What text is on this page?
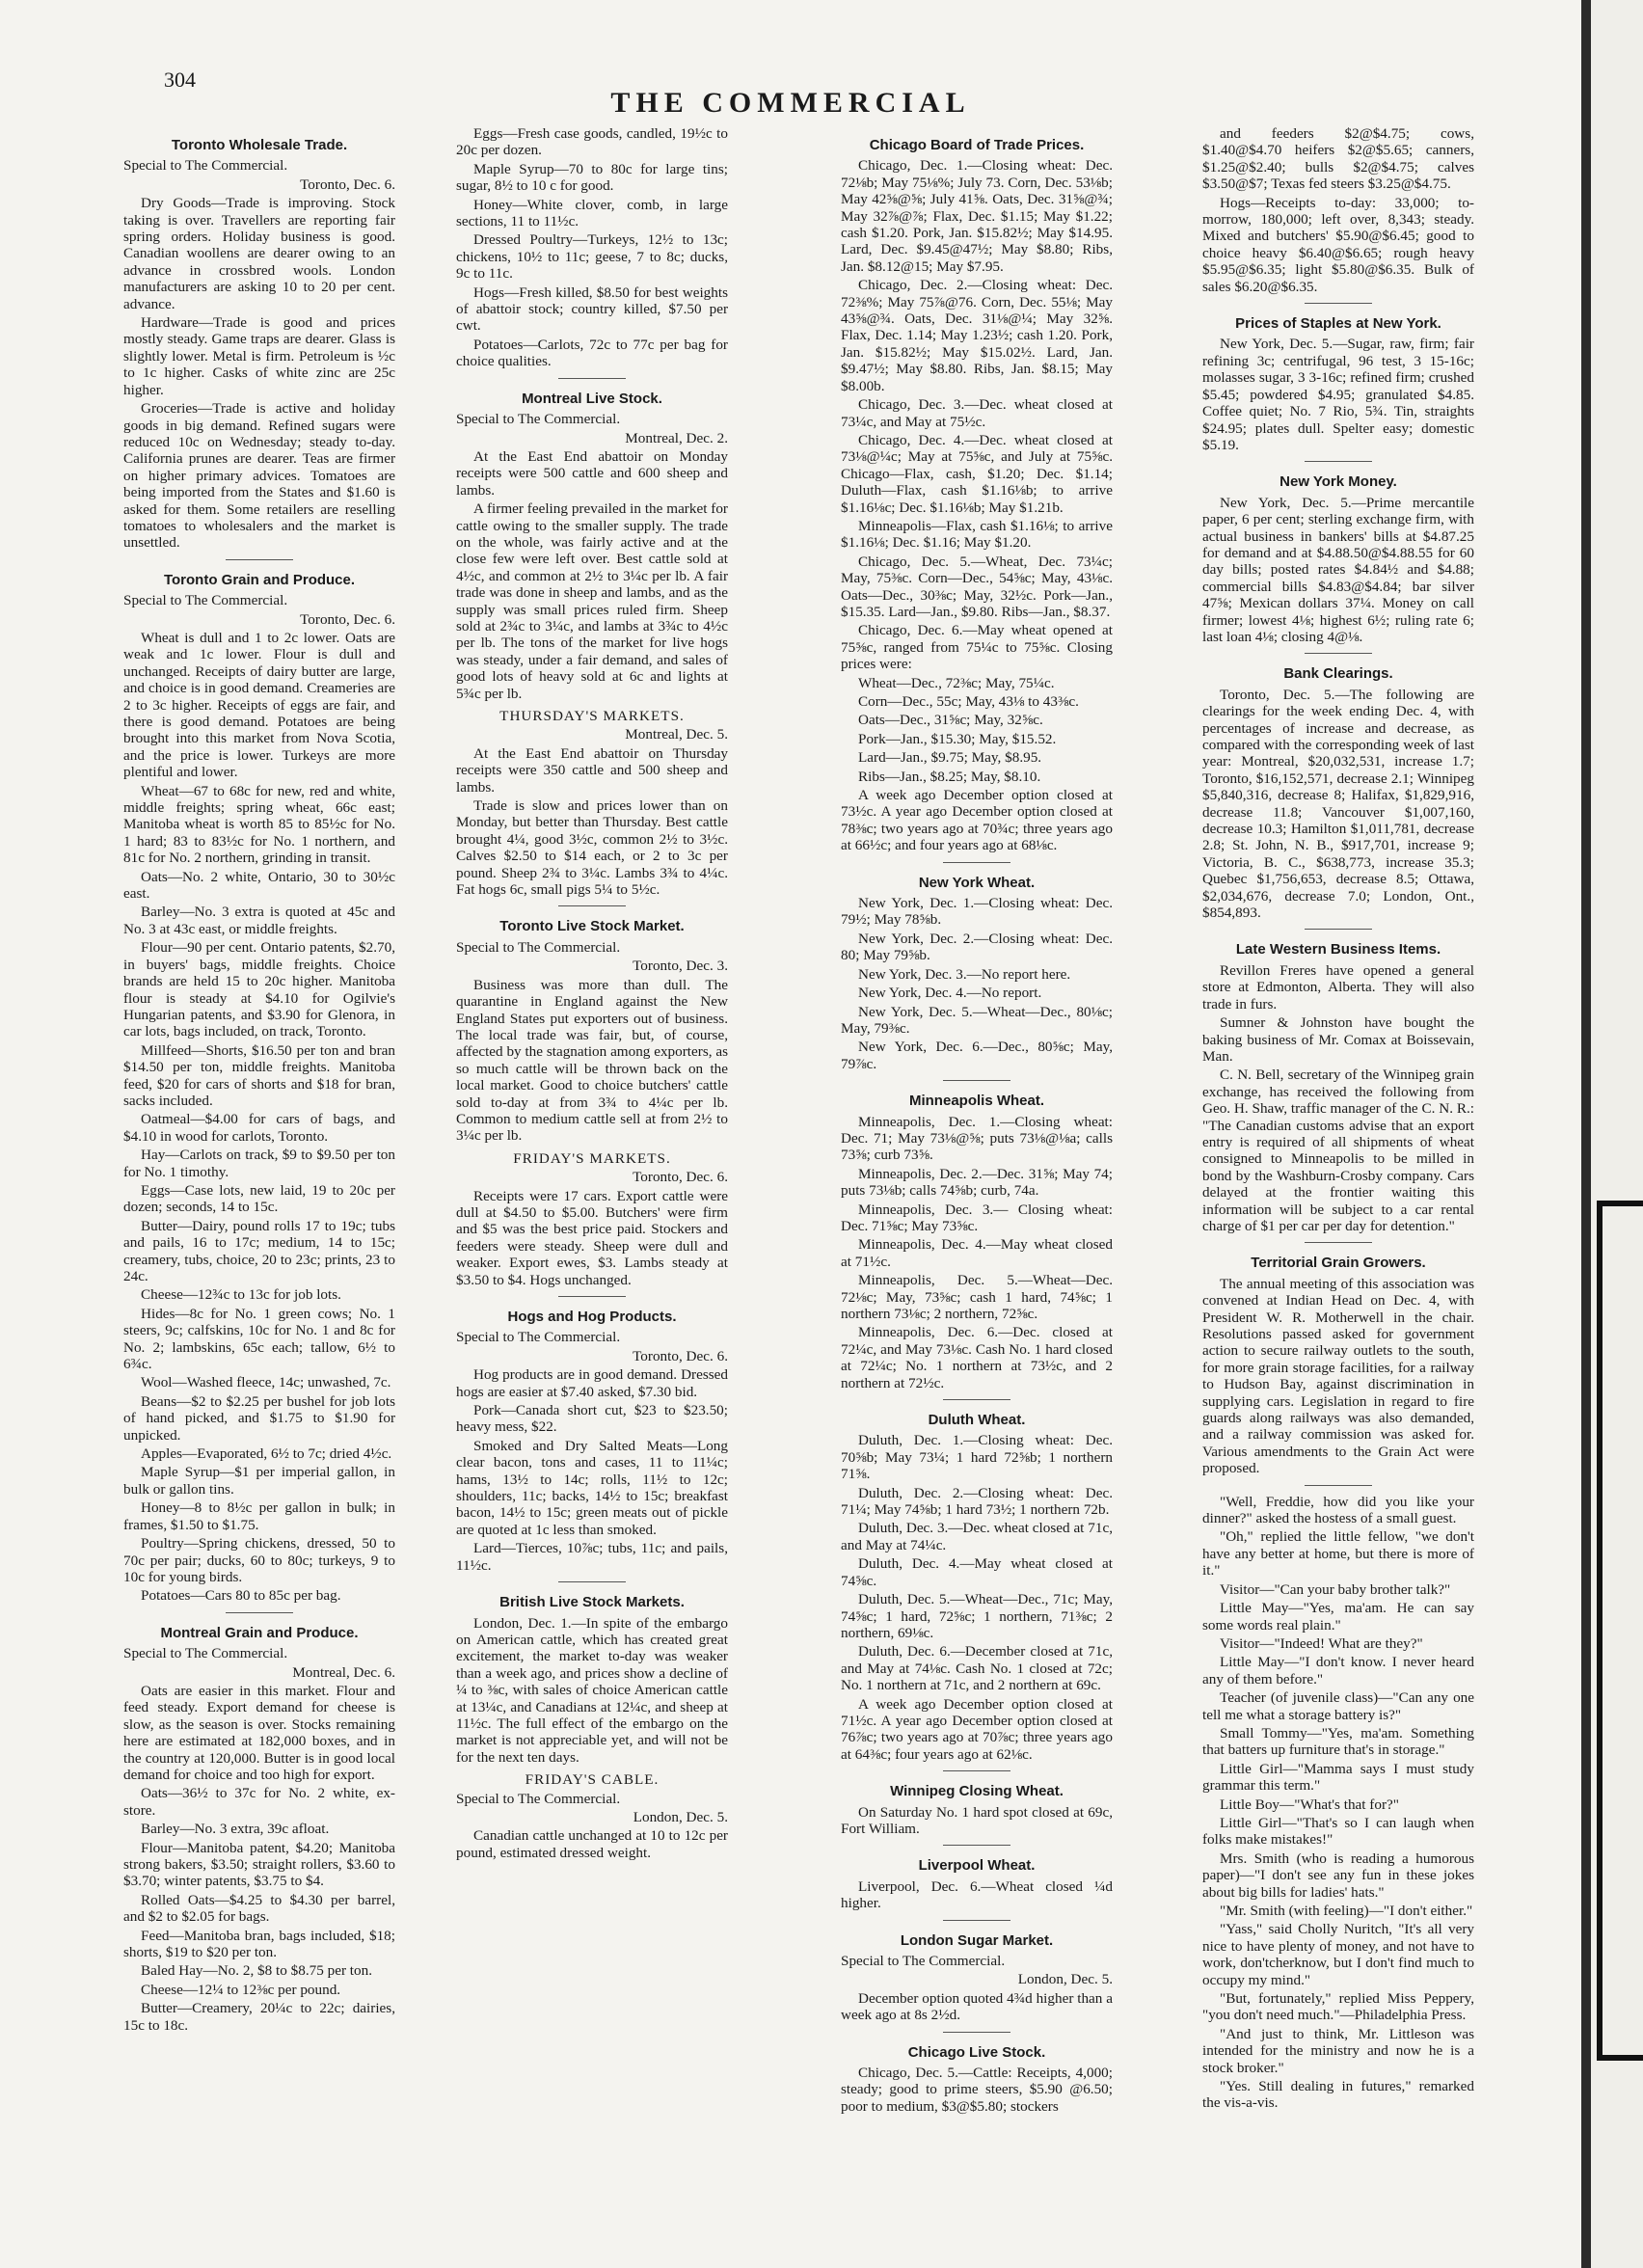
304
THE COMMERCIAL
Toronto Wholesale Trade.
Special to The Commercial.
Toronto, Dec. 6.

Dry Goods—Trade is improving. Stock taking is over. Travellers are reporting fair spring orders. Holiday business is good. Canadian woollens are dearer owing to an advance in crossbred wools. London manufacturers are asking 10 to 20 per cent. advance.

Hardware—Trade is good and prices mostly steady. Game traps are dearer. Glass is slightly lower. Metal is firm. Petroleum is ½c to 1c higher. Casks of white zinc are 25c higher.

Groceries—Trade is active and holiday goods in big demand. Refined sugars were reduced 10c on Wednesday; steady to-day. California prunes are dearer. Teas are firmer on higher primary advices. Tomatoes are being imported from the States and $1.60 is asked for them. Some retailers are reselling tomatoes to wholesalers and the market is unsettled.

Toronto Grain and Produce.
Special to The Commercial.
Toronto, Dec. 6.

Wheat is dull and 1 to 2c lower. Oats are weak and 1c lower. Flour is dull and unchanged. Receipts of dairy butter are large, and choice is in good demand. Creameries are 2 to 3c higher. Receipts of eggs are fair, and there is good demand. Potatoes are being brought into this market from Nova Scotia, and the price is lower. Turkeys are more plentiful and lower.

Wheat—67 to 68c for new, red and white, middle freights; spring wheat, 66c east; Manitoba wheat is worth 85 to 85½c for No. 1 hard; 83 to 83½c for No. 1 northern, and 81c for No. 2 northern, grinding in transit.

Oats—No. 2 white, Ontario, 30 to 30½c east.

Barley—No. 3 extra is quoted at 45c and No. 3 at 43c east, or middle freights.

Flour—90 per cent. Ontario patents, $2.70, in buyers' bags, middle freights. Choice brands are held 15 to 20c higher. Manitoba flour is steady at $4.10 for Ogilvie's Hungarian patents, and $3.90 for Glenora, in car lots, bags included, on track, Toronto.

Millfeed—Shorts, $16.50 per ton and bran $14.50 per ton, middle freights. Manitoba feed, $20 for cars of shorts and $18 for bran, sacks included.

Oatmeal—$4.00 for cars of bags, and $4.10 in wood for carlots, Toronto.

Hay—Carlots on track, $9 to $9.50 per ton for No. 1 timothy.

Eggs—Case lots, new laid, 19 to 20c per dozen; seconds, 14 to 15c.

Butter—Dairy, pound rolls 17 to 19c; tubs and pails, 16 to 17c; medium, 14 to 15c; creamery, tubs, choice, 20 to 23c; prints, 23 to 24c.

Cheese—12¾c to 13c for job lots.

Hides—8c for No. 1 green cows; No. 1 steers, 9c; calfskins, 10c for No. 1 and 8c for No. 2; lambskins, 65c each; tallow, 6½ to 6¾c.

Wool—Washed fleece, 14c; unwashed, 7c.

Beans—$2 to $2.25 per bushel for job lots of hand picked, and $1.75 to $1.90 for unpicked.

Apples—Evaporated, 6½ to 7c; dried 4½c.

Maple Syrup—$1 per imperial gallon, in bulk or gallon tins.

Honey—8 to 8½c per gallon in bulk; in frames, $1.50 to $1.75.

Poultry—Spring chickens, dressed, 50 to 70c per pair; ducks, 60 to 80c; turkeys, 9 to 10c for young birds.

Potatoes—Cars 80 to 85c per bag.

Montreal Grain and Produce.
Special to The Commercial.
Montreal, Dec. 6.

Oats are easier in this market. Flour and feed steady. Export demand for cheese is slow, as the season is over. Stocks remaining here are estimated at 182,000 boxes, and in the country at 120,000. Butter is in good local demand for choice and too high for export.

Oats—36½ to 37c for No. 2 white, ex-store.

Barley—No. 3 extra, 39c afloat.

Flour—Manitoba patent, $4.20; Manitoba strong bakers, $3.50; straight rollers, $3.60 to $3.70; winter patents, $3.75 to $4.

Rolled Oats—$4.25 to $4.30 per barrel, and $2 to $2.05 for bags.

Feed—Manitoba bran, bags included, $18; shorts, $19 to $20 per ton.

Baled Hay—No. 2, $8 to $8.75 per ton.

Cheese—12¼ to 12⅜c per pound.

Butter—Creamery, 20¼c to 22c; dairies, 15c to 18c.

Eggs—Fresh case goods, candled, 19½c to 20c per dozen.

Maple Syrup—70 to 80c for large tins; sugar, 8½ to 10 c for good.

Honey—White clover, comb, in large sections, 11 to 11½c.

Dressed Poultry—Turkeys, 12½ to 13c; chickens, 10½ to 11c; geese, 7 to 8c; ducks, 9c to 11c.

Hogs—Fresh killed, $8.50 for best weights of abattoir stock; country killed, $7.50 per cwt.

Potatoes—Carlots, 72c to 77c per bag for choice qualities.

Montreal Live Stock.
Special to The Commercial.
Montreal, Dec. 2.

At the East End abattoir on Monday receipts were 500 cattle and 600 sheep and lambs.

A firmer feeling prevailed in the market for cattle owing to the smaller supply. The trade on the whole, was fairly active and at the close few were left over. Best cattle sold at 4½c, and common at 2½ to 3¼c per lb. A fair trade was done in sheep and lambs, and as the supply was small prices ruled firm. Sheep sold at 2¾c to 3¼c, and lambs at 3¾c to 4½c per lb. The tons of the market for live hogs was steady, under a fair demand, and sales of good lots of heavy sold at 6c and lights at 5¾c per lb.

THURSDAY'S MARKETS.
Montreal, Dec. 5.

At the East End abattoir on Thursday receipts were 350 cattle and 500 sheep and lambs.

Trade is slow and prices lower than on Monday, but better than Thursday. Best cattle brought 4¼, good 3½c, common 2½ to 3½c. Calves $2.50 to $14 each, or 2 to 3c per pound. Sheep 2¾ to 3¼c. Lambs 3¾ to 4¼c. Fat hogs 6c, small pigs 5¼ to 5½c.

Toronto Live Stock Market.
Special to The Commercial.
Toronto, Dec. 3.

Business was more than dull. The quarantine in England against the New England States put exporters out of business. The local trade was fair, but, of course, affected by the stagnation among exporters, as so much cattle will be thrown back on the local market. Good to choice butchers' cattle sold to-day at from 3¾ to 4¼c per lb. Common to medium cattle sell at from 2½ to 3¼c per lb.

FRIDAY'S MARKETS.
Toronto, Dec. 6.

Receipts were 17 cars. Export cattle were dull at $4.50 to $5.00. Butchers' were firm and $5 was the best price paid. Stockers and feeders were steady. Sheep were dull and weaker. Export ewes, $3. Lambs steady at $3.50 to $4. Hogs unchanged.

Hogs and Hog Products.
Special to The Commercial.
Toronto, Dec. 6.

Hog products are in good demand. Dressed hogs are easier at $7.40 asked, $7.30 bid.

Pork—Canada short cut, $23 to $23.50; heavy mess, $22.

Smoked and Dry Salted Meats—Long clear bacon, tons and cases, 11 to 11¼c; hams, 13½ to 14c; rolls, 11½ to 12c; shoulders, 11c; backs, 14½ to 15c; breakfast bacon, 14½ to 15c; green meats out of pickle are quoted at 1c less than smoked.

Lard—Tierces, 10⅞c; tubs, 11c; and pails, 11½c.

British Live Stock Markets.

London, Dec. 1.—In spite of the embargo on American cattle, which has created great excitement, the market to-day was weaker than a week ago, and prices show a decline of ¼ to ⅜c, with sales of choice American cattle at 13¼c, and Canadians at 12¼c, and sheep at 11½c. The full effect of the embargo on the market is not appreciable yet, and will not be for the next ten days.

FRIDAY'S CABLE.
Special to The Commercial.
London, Dec. 5.

Canadian cattle unchanged at 10 to 12c per pound, estimated dressed weight.

Chicago Board of Trade Prices.

Chicago, Dec. 1.—Closing wheat: Dec. 72⅛b; May 75⅛%; July 73. Corn, Dec. 53⅛b; May 42⅝@⅝; July 41⅝. Oats, Dec. 31⅝@¾; May 32⅞@⅞; Flax, Dec. $1.15; May $1.22; cash $1.20. Pork, Jan. $15.82½; May $14.95. Lard, Dec. $9.45@47½; May $8.80; Ribs, Jan. $8.12@15; May $7.95.

Chicago, Dec. 2.—Closing wheat: Dec. 72⅜%; May 75⅞@76. Corn, Dec. 55⅛; May 43⅝@¾. Oats, Dec. 31⅛@¼; May 32⅝. Flax, Dec. 1.14; May 1.23½; cash 1.20. Pork, Jan. $15.82½; May $15.02½. Lard, Jan. $9.47½; May $8.80. Ribs, Jan. $8.15; May $8.00b.

Chicago, Dec. 3.—Dec. wheat closed at 73¼c, and May at 75½c.

Chicago, Dec. 4.—Dec. wheat closed at 73⅛@¼c; May at 75⅝c, and July at 75⅝c. Chicago—Flax, cash, $1.20; Dec. $1.14; Duluth—Flax, cash $1.16⅛b; to arrive $1.16⅛c; Dec. $1.16⅛b; May $1.21b.

Minneapolis—Flax, cash $1.16⅛; to arrive $1.16⅛; Dec. $1.16; May $1.20.

Chicago, Dec. 5.—Wheat, Dec. 73¼c; May, 75⅜c. Corn—Dec., 54⅝c; May, 43⅛c. Oats—Dec., 30⅜c; May, 32½c. Pork—Jan., $15.35. Lard—Jan., $9.80. Ribs—Jan., $8.37.

Chicago, Dec. 6.—May wheat opened at 75⅝c, ranged from 75¼c to 75⅝c. Closing prices were:

Wheat—Dec., 72⅜c; May, 75¼c.

Corn—Dec., 55c; May, 43⅛ to 43⅜c.

Oats—Dec., 31⅝c; May, 32⅝c.

Pork—Jan., $15.30; May, $15.52.

Lard—Jan., $9.75; May, $8.95.

Ribs—Jan., $8.25; May, $8.10.

A week ago December option closed at 73½c. A year ago December option closed at 78⅜c; two years ago at 70¾c; three years ago at 66½c; and four years ago at 68⅛c.

New York Wheat.

New York, Dec. 1.—Closing wheat: Dec. 79½; May 78⅝b.

New York, Dec. 2.—Closing wheat: Dec. 80; May 79⅝b.

New York, Dec. 3.—No report here.

New York, Dec. 4.—No report.

New York, Dec. 5.—Wheat—Dec., 80⅛c; May, 79⅜c.

New York, Dec. 6.—Dec., 80⅝c; May, 79⅞c.

Minneapolis Wheat.

Minneapolis, Dec. 1.—Closing wheat: Dec. 71; May 73⅛@⅝; puts 73⅛@⅛a; calls 73⅝; curb 73⅝.

Minneapolis, Dec. 2.—Dec. 31⅝; May 74; puts 73⅛b; calls 74⅝b; curb, 74a.

Minneapolis, Dec. 3.— Closing wheat: Dec. 71⅝c; May 73⅝c.

Minneapolis, Dec. 4.—May wheat closed at 71½c.

Minneapolis, Dec. 5.—Wheat—Dec. 72⅛c; May, 73⅝c; cash 1 hard, 74⅝c; 1 northern 73⅛c; 2 northern, 72⅝c.

Minneapolis, Dec. 6.—Dec. closed at 72¼c, and May 73⅛c. Cash No. 1 hard closed at 72¼c; No. 1 northern at 73½c, and 2 northern at 72½c.

Duluth Wheat.

Duluth, Dec. 1.—Closing wheat: Dec. 70⅝b; May 73¼; 1 hard 72⅝b; 1 northern 71⅝.

Duluth, Dec. 2.—Closing wheat: Dec. 71¼; May 74⅝b; 1 hard 73½; 1 northern 72b.

Duluth, Dec. 3.—Dec. wheat closed at 71c, and May at 74¼c.

Duluth, Dec. 4.—May wheat closed at 74⅝c.

Duluth, Dec. 5.—Wheat—Dec., 71c; May, 74⅝c; 1 hard, 72⅝c; 1 northern, 71⅜c; 2 northern, 69⅛c.

Duluth, Dec. 6.—December closed at 71c, and May at 74⅛c. Cash No. 1 closed at 72c; No. 1 northern at 71c, and 2 northern at 69c.

A week ago December option closed at 71½c. A year ago December option closed at 76⅞c; two years ago at 70⅞c; three years ago at 64⅜c; four years ago at 62⅛c.

Winnipeg Closing Wheat.

On Saturday No. 1 hard spot closed at 69c, Fort William.

Liverpool Wheat.

Liverpool, Dec. 6.—Wheat closed ¼d higher.

London Sugar Market.
Special to The Commercial.
London, Dec. 5.

December option quoted 4¾d higher than a week ago at 8s 2½d.

Chicago Live Stock.

Chicago, Dec. 5.—Cattle: Receipts, 4,000; steady; good to prime steers, $5.90 @6.50; poor to medium, $3@$5.80; stockers

and feeders $2@$4.75; cows, $1.40@$4.70 heifers $2@$5.65; canners, $1.25@$2.40; bulls $2@$4.75; calves $3.50@$7; Texas fed steers $3.25@$4.75.

Hogs—Receipts to-day: 33,000; to-morrow, 180,000; left over, 8,343; steady. Mixed and butchers' $5.90@$6.45; good to choice heavy $6.40@$6.65; rough heavy $5.95@$6.35; light $5.80@$6.35. Bulk of sales $6.20@$6.35.

Prices of Staples at New York.

New York, Dec. 5.—Sugar, raw, firm; fair refining 3c; centrifugal, 96 test, 3 15-16c; molasses sugar, 3 3-16c; refined firm; crushed $5.45; powdered $4.95; granulated $4.85. Coffee quiet; No. 7 Rio, 5¾. Tin, straights $24.95; plates dull. Spelter easy; domestic $5.19.

New York Money.

New York, Dec. 5.—Prime mercantile paper, 6 per cent; sterling exchange firm, with actual business in bankers' bills at $4.87.25 for demand and at $4.88.50@$4.88.55 for 60 day bills; posted rates $4.84½ and $4.88; commercial bills $4.83@$4.84; bar silver 47⅝; Mexican dollars 37¼. Money on call firmer; lowest 4⅛; highest 6½; ruling rate 6; last loan 4⅛; closing 4@⅛.

Bank Clearings.

Toronto, Dec. 5.—The following are clearings for the week ending Dec. 4, with percentages of increase and decrease, as compared with the corresponding week of last year: Montreal, $20,032,531, increase 1.7; Toronto, $16,152,571, decrease 2.1; Winnipeg $5,840,316, decrease 8; Halifax, $1,829,916, decrease 11.8; Vancouver $1,007,160, decrease 10.3; Hamilton $1,011,781, decrease 2.8; St. John, N. B., $917,701, increase 9; Victoria, B. C., $638,773, increase 35.3; Quebec $1,756,653, decrease 8.5; Ottawa, $2,034,676, decrease 7.0; London, Ont., $854,893.

Late Western Business Items.

Revillon Freres have opened a general store at Edmonton, Alberta. They will also trade in furs.

Sumner & Johnston have bought the baking business of Mr. Comax at Boissevain, Man.

C. N. Bell, secretary of the Winnipeg grain exchange, has received the following from Geo. H. Shaw, traffic manager of the C. N. R.: "The Canadian customs advise that an export entry is required of all shipments of wheat consigned to Minneapolis to be milled in bond by the Washburn-Crosby company. Cars delayed at the frontier waiting this information will be subject to a car rental charge of $1 per car per day for detention."

Territorial Grain Growers.

The annual meeting of this association was convened at Indian Head on Dec. 4, with President W. R. Motherwell in the chair. Resolutions passed asked for government action to secure railway outlets to the south, for more grain storage facilities, for a railway to Hudson Bay, against discrimination in supplying cars. Legislation in regard to fire guards along railways was also demanded, and a railway commission was asked for. Various amendments to the Grain Act were proposed.

"Well, Freddie, how did you like your dinner?" asked the hostess of a small guest.

"Oh," replied the little fellow, "we don't have any better at home, but there is more of it."

Visitor—"Can your baby brother talk?"

Little May—"Yes, ma'am. He can say some words real plain."

Visitor—"Indeed! What are they?"

Little May—"I don't know. I never heard any of them before."

Teacher (of juvenile class)—"Can any one tell me what a storage battery is?"

Small Tommy—"Yes, ma'am. Something that batters up furniture that's in storage."

Little Girl—"Mamma says I must study grammar this term."

Little Boy—"What's that for?"

Little Girl—"That's so I can laugh when folks make mistakes!"

Mrs. Smith (who is reading a humorous paper)—"I don't see any fun in these jokes about big bills for ladies' hats."

"Mr. Smith (with feeling)—"I don't either."

"Yass," said Cholly Nuritch, "It's all very nice to have plenty of money, and not have to work, don'tcherknow, but I don't find much to occupy my mind."

"But, fortunately," replied Miss Peppery, "you don't need much."—Philadelphia Press.

"And just to think, Mr. Littleson was intended for the ministry and now he is a stock broker."

"Yes. Still dealing in futures," remarked the vis-a-vis.
